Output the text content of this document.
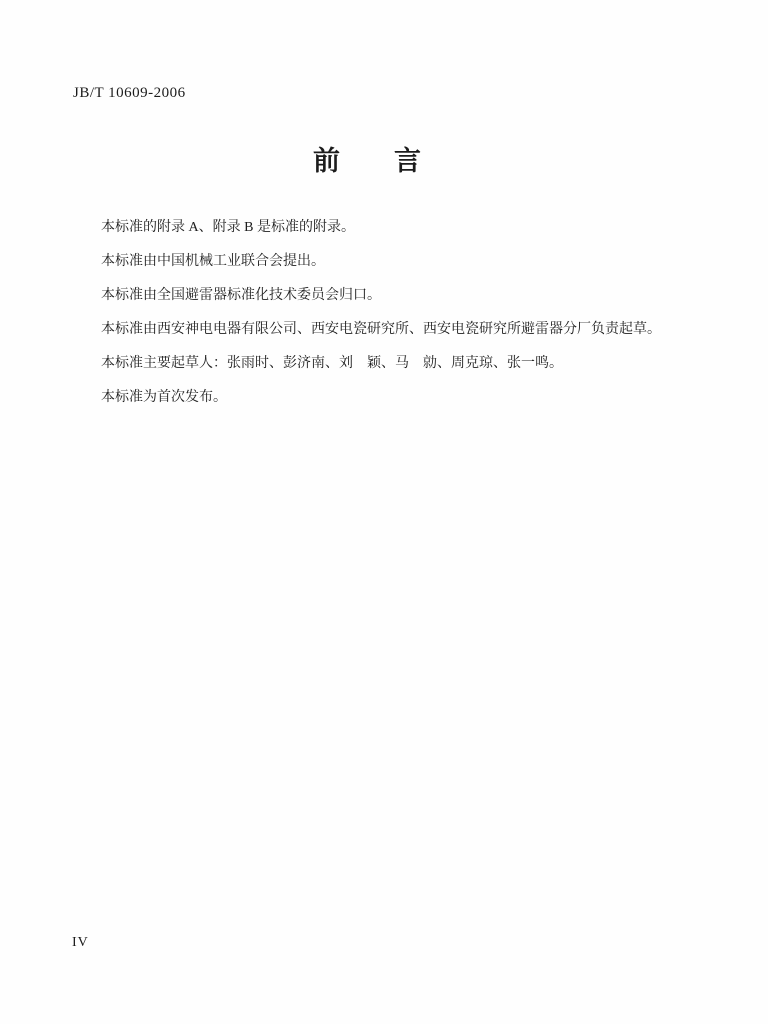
JB/T 10609-2006
前　　言

本标准的附录 A、附录 B 是标准的附录。

本标准由中国机械工业联合会提出。

本标准由全国避雷器标准化技术委员会归口。

本标准由西安神电电器有限公司、西安电瓷研究所、西安电瓷研究所避雷器分厂负责起草。

本标准主要起草人：张雨时、彭济南、刘　颖、马　勍、周克琼、张一鸣。

本标准为首次发布。

IV
